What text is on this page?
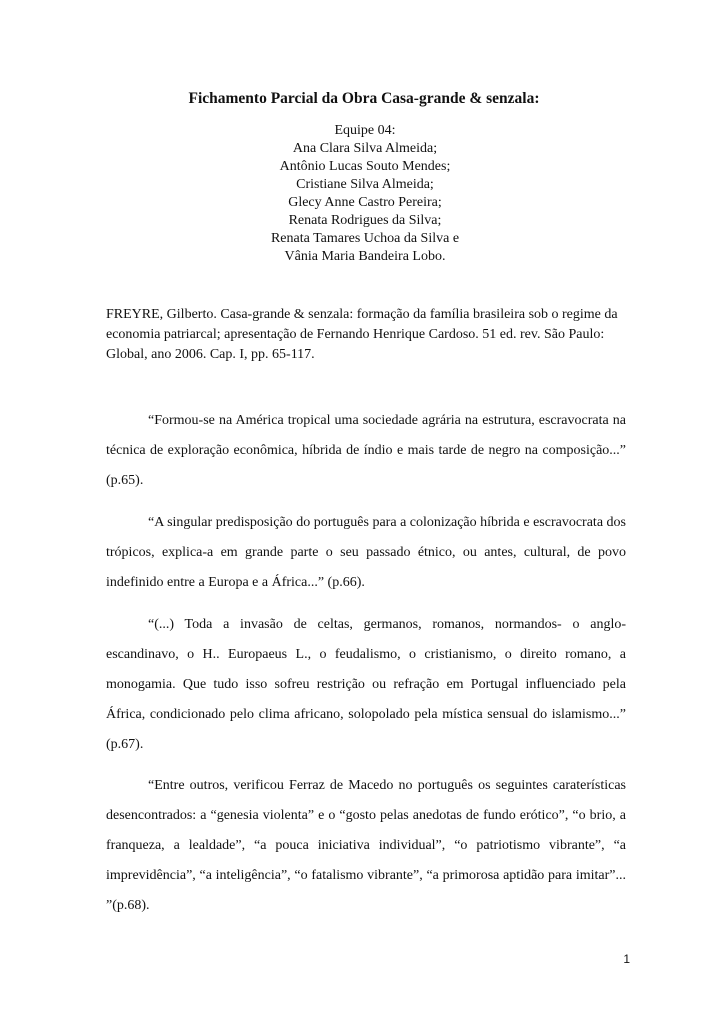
Fichamento Parcial da Obra Casa-grande & senzala:
Equipe 04:
Ana Clara Silva Almeida;
Antônio Lucas Souto Mendes;
Cristiane Silva Almeida;
Glecy Anne Castro Pereira;
Renata Rodrigues da Silva;
Renata Tamares Uchoa da Silva e
Vânia Maria Bandeira Lobo.

FREYRE, Gilberto. Casa-grande & senzala: formação da família brasileira sob o regime da economia patriarcal; apresentação de Fernando Henrique Cardoso. 51 ed. rev. São Paulo: Global, ano 2006. Cap. I, pp. 65-117.

“Formou-se na América tropical uma sociedade agrária na estrutura, escravocrata na técnica de exploração econômica, híbrida de índio e mais tarde de negro na composição...” (p.65).

“A singular predisposição do português para a colonização híbrida e escravocrata dos trópicos, explica-a em grande parte o seu passado étnico, ou antes, cultural, de povo indefinido entre a Europa e a África...” (p.66).

“(...) Toda a invasão de celtas, germanos, romanos, normandos- o anglo-escandinavo, o H.. Europaeus L., o feudalismo, o cristianismo, o direito romano, a monogamia. Que tudo isso sofreu restrição ou refração em Portugal influenciado pela África, condicionado pelo clima africano, solopolado pela mística sensual do islamismo...” (p.67).

“Entre outros, verificou Ferraz de Macedo no português os seguintes caraterísticas desencontrados: a “genesia violenta” e o “gosto pelas anedotas de fundo erótico”, “o brio, a franqueza, a lealdade”, “a pouca iniciativa individual”, “o patriotismo vibrante”, “a imprevidência”, “a inteligência”, “o fatalismo vibrante”, “a primorosa aptidão para imitar”... ”(p.68).

1
